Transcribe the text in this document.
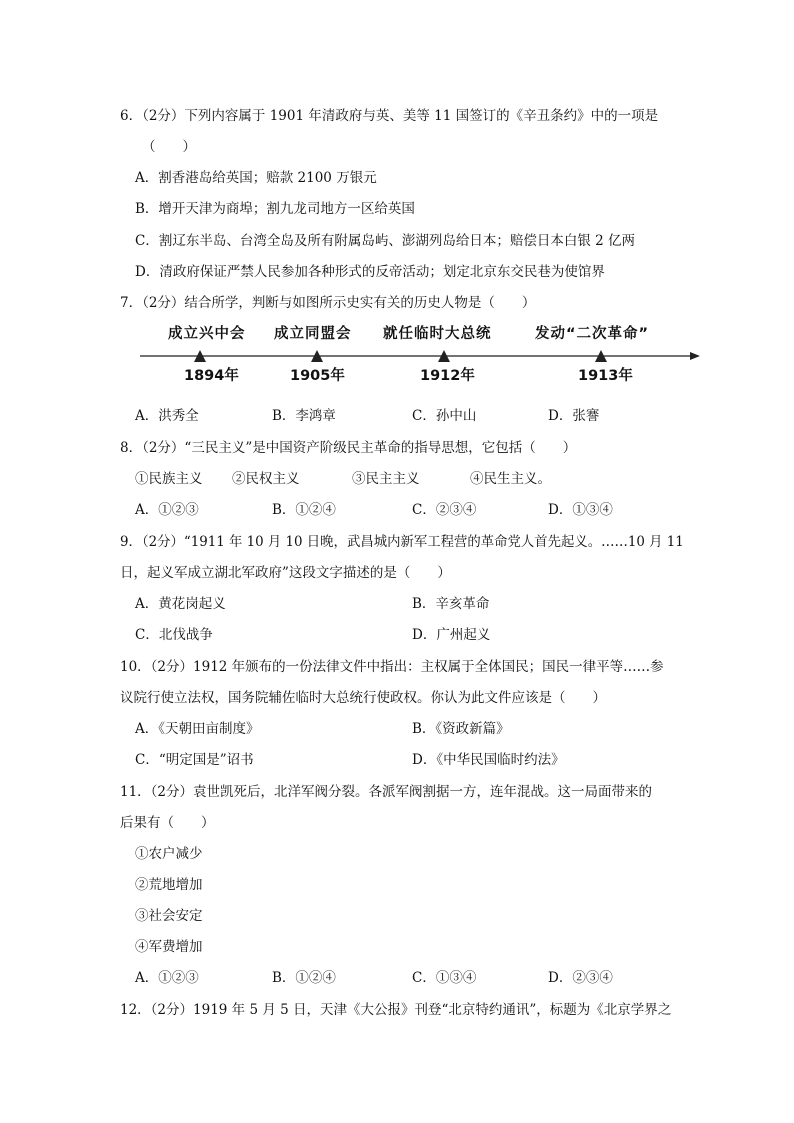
6．（2分）下列内容属于 1901 年清政府与英、美等 11 国签订的《辛丑条约》中的一项是
（　　）
A．割香港岛给英国；赔款 2100 万银元
B．增开天津为商埠；割九龙司地方一区给英国
C．割辽东半岛、台湾全岛及所有附属岛屿、澎湖列岛给日本；赔偿日本白银 2 亿两
D．清政府保证严禁人民参加各种形式的反帝活动；划定北京东交民巷为使馆界
7．（2分）结合所学，判断与如图所示史实有关的历史人物是（　　）
成立兴中会 成立同盟会 就任临时大总统	发动“二次革命”
1894年	1905年	1912年	1913年
A．洪秀全	B．李鸿章	C．孙中山	D．张謇
8．（2分）“三民主义”是中国资产阶级民主革命的指导思想，它包括（　　）
①民族主义 ②民权主义	③民主主义	④民生主义。
A．①②③	B．①②④	C．②③④	D．①③④
9．（2分）“1911 年 10 月 10 日晚，武昌城内新军工程营的革命党人首先起义。……10 月 11
日，起义军成立湖北军政府”这段文字描述的是（　　）
A．黄花岗起义	B．辛亥革命
C．北伐战争	D．广州起义
10．（2分）1912 年颁布的一份法律文件中指出：主权属于全体国民；国民一律平等……参
议院行使立法权，国务院辅佐临时大总统行使政权。你认为此文件应该是（　　）
A．《天朝田亩制度》	B．《资政新篇》
C．“明定国是”诏书	D．《中华民国临时约法》
11．（2分）袁世凯死后，北洋军阀分裂。各派军阀割据一方，连年混战。这一局面带来的
后果有（　　）
①农户减少
②荒地增加
③社会安定
④军费增加
A．①②③	B．①②④	C．①③④	D．②③④
12．（2分）1919 年 5 月 5 日，天津《大公报》刊登“北京特约通讯”，标题为《北京学界之
